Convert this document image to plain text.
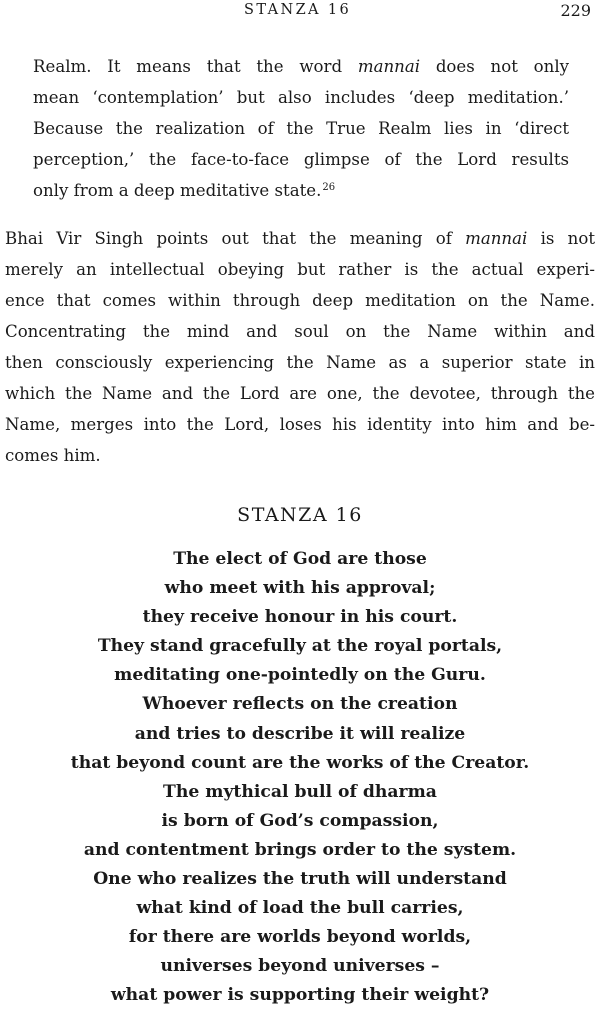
STANZA 16	229
Realm. It means that the word mannai does not only
mean ‘contemplation’ but also includes ‘deep meditation.’
Because the realization of the True Realm lies in ‘direct
perception,’ the face-to-face glimpse of the Lord results
only from a deep meditative state.$^{26}$
Bhai Vir Singh points out that the meaning of mannai is not
merely an intellectual obeying but rather is the actual experi-
ence that comes within through deep meditation on the Name.
Concentrating the mind and soul on the Name within and
then consciously experiencing the Name as a superior state in
which the Name and the Lord are one, the devotee, through the
Name, merges into the Lord, loses his identity into him and be-
comes him.
STANZA 16
The elect of God are those
who meet with his approval;
they receive honour in his court.
They stand gracefully at the royal portals,
meditating one-pointedly on the Guru.
Whoever reflects on the creation
and tries to describe it will realize
that beyond count are the works of the Creator.
The mythical bull of dharma
is born of God’s compassion,
and contentment brings order to the system.
One who realizes the truth will understand
what kind of load the bull carries,
for there are worlds beyond worlds,
universes beyond universes –
what power is supporting their weight?
